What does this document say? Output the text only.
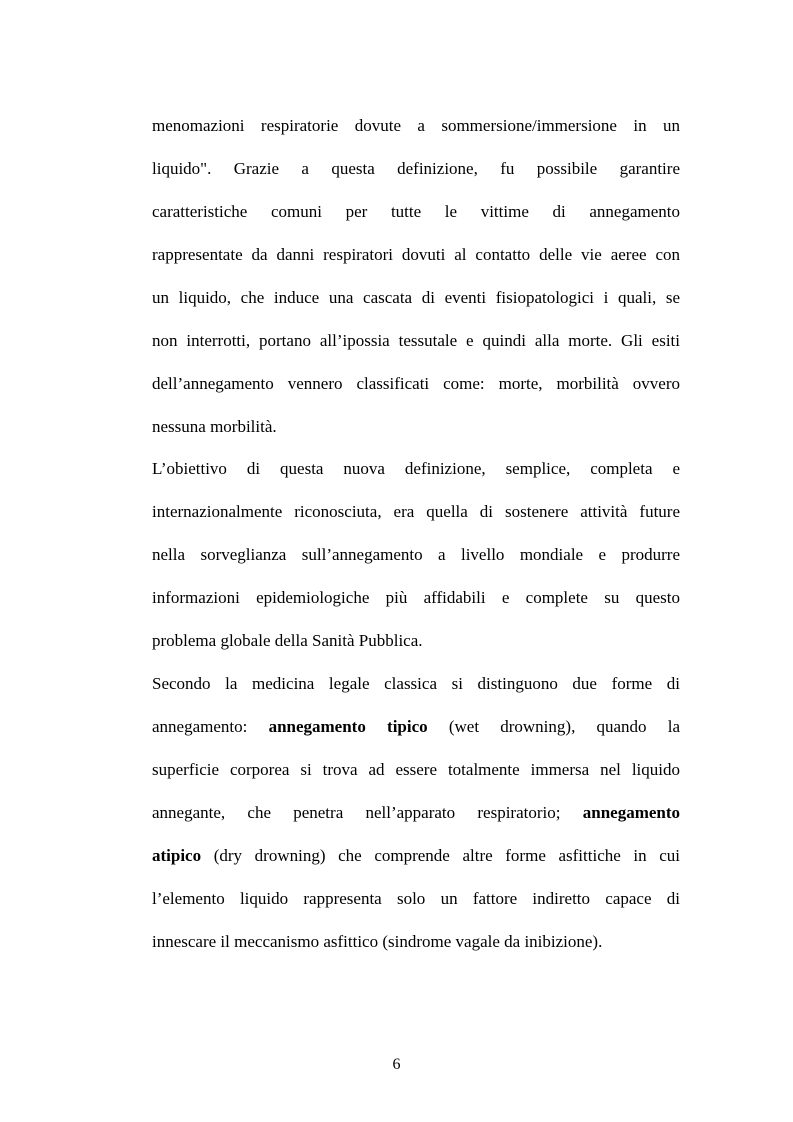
menomazioni respiratorie dovute a sommersione/immersione in un
liquido". Grazie a questa definizione, fu possibile garantire
caratteristiche comuni per tutte le vittime di annegamento
rappresentate da danni respiratori dovuti al contatto delle vie aeree con
un liquido, che induce una cascata di eventi fisiopatologici i quali, se
non interrotti, portano all’ipossia tessutale e quindi alla morte. Gli esiti
dell’annegamento vennero classificati come: morte, morbilità ovvero
nessuna morbilità.
L’obiettivo di questa nuova definizione, semplice, completa e
internazionalmente riconosciuta, era quella di sostenere attività future
nella sorveglianza sull’annegamento a livello mondiale e produrre
informazioni epidemiologiche più affidabili e complete su questo
problema globale della Sanità Pubblica.
Secondo la medicina legale classica si distinguono due forme di
annegamento: annegamento tipico (wet drowning), quando la
superficie corporea si trova ad essere totalmente immersa nel liquido
annegante, che penetra nell’apparato respiratorio; annegamento
atipico (dry drowning) che comprende altre forme asfittiche in cui
l’elemento liquido rappresenta solo un fattore indiretto capace di
innescare il meccanismo asfittico (sindrome vagale da inibizione).
6
